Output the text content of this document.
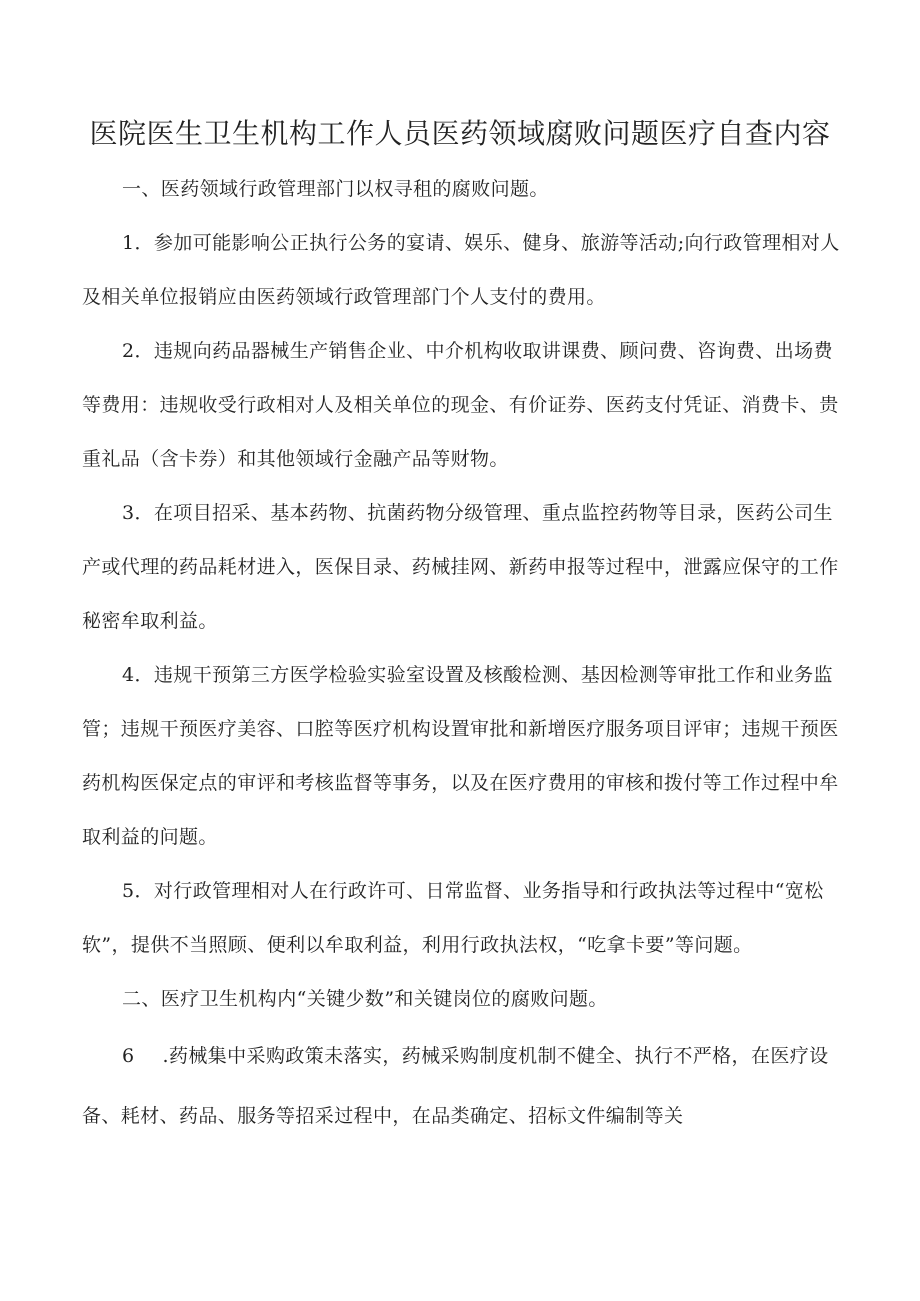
医院医生卫生机构工作人员医药领域腐败问题医疗自查内容

一、医药领域行政管理部门以权寻租的腐败问题。

1．参加可能影响公正执行公务的宴请、娱乐、健身、旅游等活动;向行政管理相对人及相关单位报销应由医药领域行政管理部门个人支付的费用。

2．违规向药品器械生产销售企业、中介机构收取讲课费、顾问费、咨询费、出场费等费用：违规收受行政相对人及相关单位的现金、有价证券、医药支付凭证、消费卡、贵重礼品（含卡券）和其他领域行金融产品等财物。

3．在项目招采、基本药物、抗菌药物分级管理、重点监控药物等目录，医药公司生产或代理的药品耗材进入，医保目录、药械挂网、新药申报等过程中，泄露应保守的工作秘密牟取利益。

4．违规干预第三方医学检验实验室设置及核酸检测、基因检测等审批工作和业务监管；违规干预医疗美容、口腔等医疗机构设置审批和新增医疗服务项目评审；违规干预医药机构医保定点的审评和考核监督等事务，以及在医疗费用的审核和拨付等工作过程中牟取利益的问题。

5．对行政管理相对人在行政许可、日常监督、业务指导和行政执法等过程中“宽松软”，提供不当照顾、便利以牟取利益，利用行政执法权，“吃拿卡要”等问题。

二、医疗卫生机构内“关键少数”和关键岗位的腐败问题。

6 .药械集中采购政策未落实，药械采购制度机制不健全、执行不严格，在医疗设备、耗材、药品、服务等招采过程中，在品类确定、招标文件编制等关
